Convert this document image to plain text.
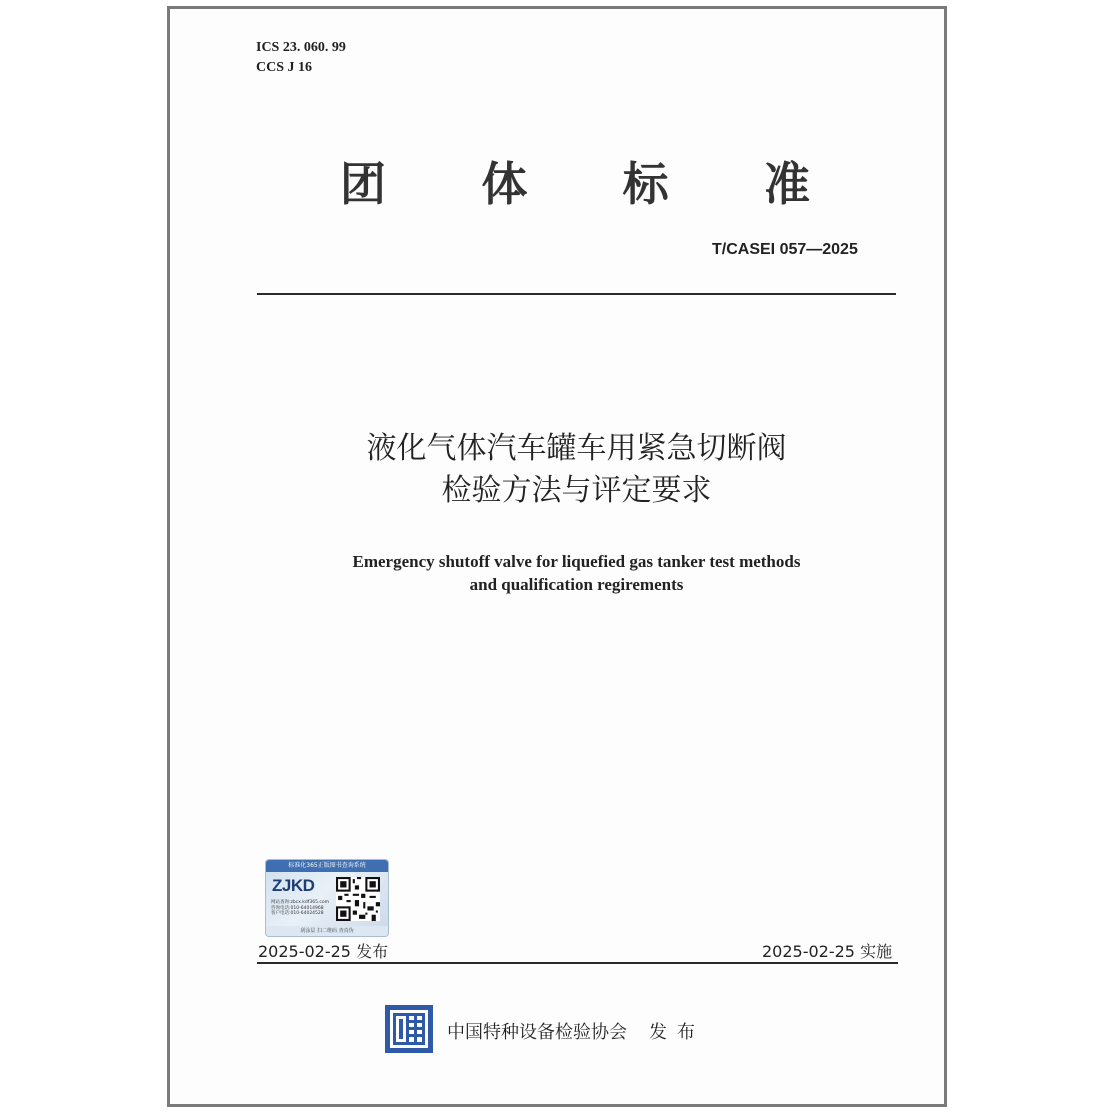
ICS 23. 060. 99
CCS J 16
团 体 标 准
T/CASEI 057—2025
液化气体汽车罐车用紧急切断阀
检验方法与评定要求
Emergency shutoff valve for liquefied gas tanker test methods
and qualification regirements
标准化365正版图书查询系统
ZJKD
网站查询:zbcx.kdf365.com
咨询电话:010-64014968
客户电话:010-64024528
刮涂层 扫二维码 查真伪
2025-02-25 发布	2025-02-25 实施
中国特种设备检验协会 发布
